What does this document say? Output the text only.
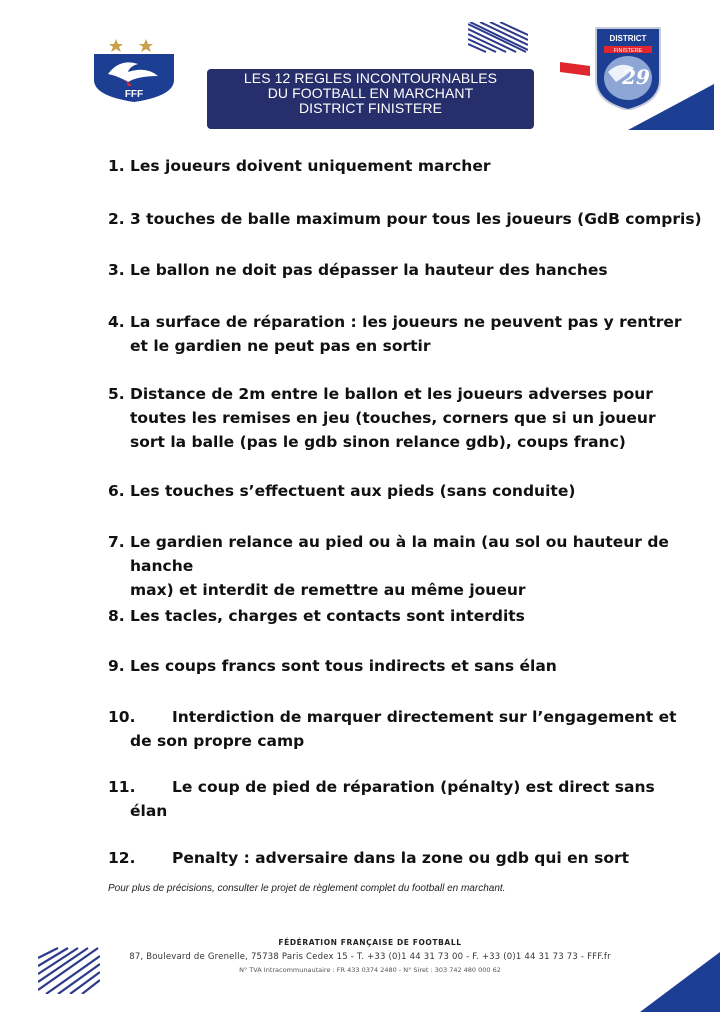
FFF
DISTRICT
FINISTERE
29
LES 12 REGLES INCONTOURNABLES
DU FOOTBALL EN MARCHANT
DISTRICT FINISTERE
1. Les joueurs doivent uniquement marcher
2. 3 touches de balle maximum pour tous les joueurs (GdB compris)
3. Le ballon ne doit pas dépasser la hauteur des hanches
4. La surface de réparation : les joueurs ne peuvent pas y rentrer
et le gardien ne peut pas en sortir
5. Distance de 2m entre le ballon et les joueurs adverses pour
toutes les remises en jeu (touches, corners que si un joueur
sort la balle (pas le gdb sinon relance gdb), coups franc)
6. Les touches s’effectuent aux pieds (sans conduite)
7. Le gardien relance au pied ou à la main (au sol ou hauteur de hanche
max) et interdit de remettre au même joueur
8. Les tacles, charges et contacts sont interdits
9. Les coups francs sont tous indirects et sans élan
10.	Interdiction de marquer directement sur l’engagement et
de son propre camp
11.	Le coup de pied de réparation (pénalty) est direct sans
élan
12.	Penalty : adversaire dans la zone ou gdb qui en sort
Pour plus de précisions, consulter le projet de règlement complet du football en marchant.
FÉDÉRATION FRANÇAISE DE FOOTBALL
87, Boulevard de Grenelle, 75738 Paris Cedex 15 - T. +33 (0)1 44 31 73 00 - F. +33 (0)1 44 31 73 73 - FFF.fr
N° TVA Intracommunautaire : FR 433 0374 2480 - N° Siret : 303 742 480 000 62
